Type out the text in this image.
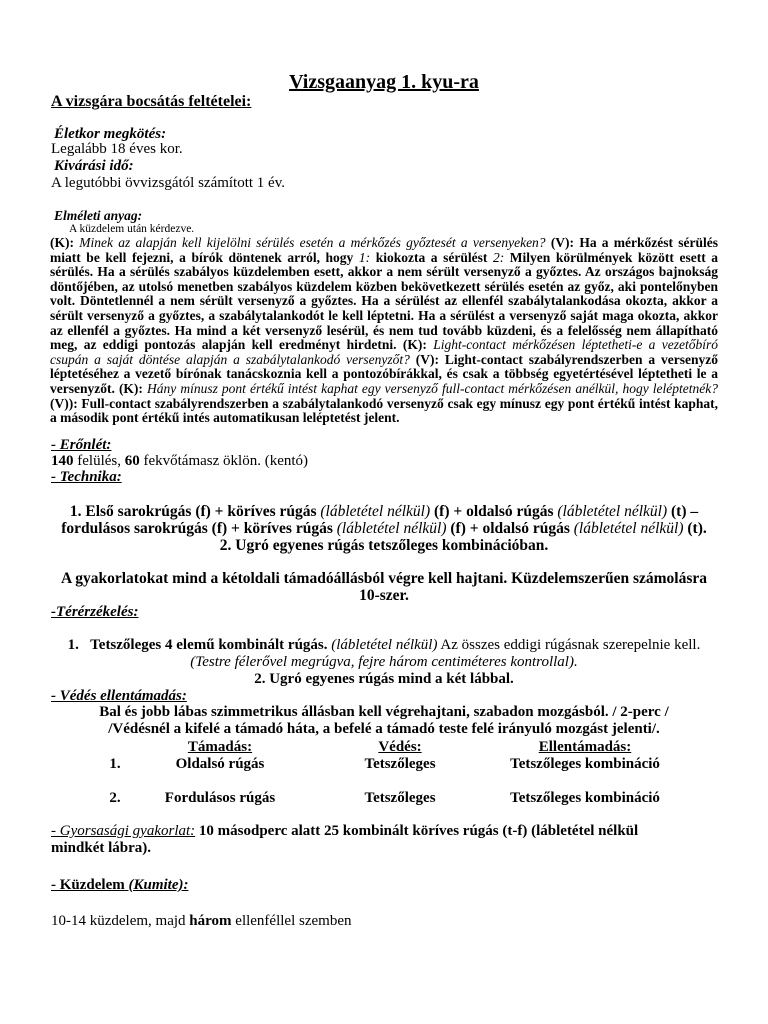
Vizsgaanyag 1. kyu-ra
A vizsgára bocsátás feltételei:
Életkor megkötés:
Legalább 18 éves kor.
Kivárási idő:
A legutóbbi övvizsgától számított 1 év.
Elméleti anyag:
A küzdelem után kérdezve.
(K): Minek az alapján kell kijelölni sérülés esetén a mérkőzés győztesét a versenyeken? (V): Ha a mérkőzést sérülés miatt be kell fejezni, a bírók döntenek arról, hogy 1: kiokozta a sérülést 2: Milyen körülmények között esett a sérülés. Ha a sérülés szabályos küzdelemben esett, akkor a nem sérült versenyző a győztes. Az országos bajnokság döntőjében, az utolsó menetben szabályos küzdelem közben bekövetkezett sérülés esetén az győz, aki pontelőnyben volt. Döntetlennél a nem sérült versenyző a győztes. Ha a sérülést az ellenfél szabálytalankodása okozta, akkor a sérült versenyző a győztes, a szabálytalankodót le kell léptetni. Ha a sérülést a versenyző saját maga okozta, akkor az ellenfél a győztes. Ha mind a két versenyző lesérül, és nem tud tovább küzdeni, és a felelősség nem állapítható meg, az eddigi pontozás alapján kell eredményt hirdetni. (K): Light-contact mérkőzésen léptetheti-e a vezetőbíró csupán a saját döntése alapján a szabálytalankodó versenyzőt? (V): Light-contact szabályrendszerben a versenyző léptetéséhez a vezető bírónak tanácskoznia kell a pontozóbírákkal, és csak a többség egyetértésével léptetheti le a versenyzőt. (K): Hány mínusz pont értékű intést kaphat egy versenyző full-contact mérkőzésen anélkül, hogy leléptetnék? (V)): Full-contact szabályrendszerben a szabálytalankodó versenyző csak egy mínusz egy pont értékű intést kaphat, a második pont értékű intés automatikusan leléptetést jelent.
- Erőnlét:
140 felülés, 60 fekvőtámasz öklön. (kentó)
- Technika:
1. Első sarokrúgás (f) + köríves rúgás (lábletétel nélkül) (f) + oldalsó rúgás (lábletétel nélkül) (t) –
fordulásos sarokrúgás (f) + köríves rúgás (lábletétel nélkül) (f) + oldalsó rúgás (lábletétel nélkül) (t).
2. Ugró egyenes rúgás tetszőleges kombinációban.
A gyakorlatokat mind a kétoldali támadóállásból végre kell hajtani. Küzdelemszerűen számolásra
10-szer.
-Térérzékelés:
1. Tetszőleges 4 elemű kombinált rúgás. (lábletétel nélkül) Az összes eddigi rúgásnak szerepelnie kell.
(Testre félerővel megrúgva, fejre három centiméteres kontrollal).
2. Ugró egyenes rúgás mind a két lábbal.
- Védés ellentámadás:
Bal és jobb lábas szimmetrikus állásban kell végrehajtani, szabadon mozgásból. / 2-perc /
/Védésnél a kifelé a támadó háta, a befelé a támadó teste felé irányuló mozgást jelenti/.
Támadás:	Védés:	Ellentámadás:
1.	Oldalsó rúgás	Tetszőleges	Tetszőleges kombináció
2.	Fordulásos rúgás	Tetszőleges	Tetszőleges kombináció
- Gyorsasági gyakorlat: 10 másodperc alatt 25 kombinált köríves rúgás (t-f) (lábletétel nélkül
mindkét lábra).
- Küzdelem (Kumite):
10-14 küzdelem, majd három ellenféllel szemben
